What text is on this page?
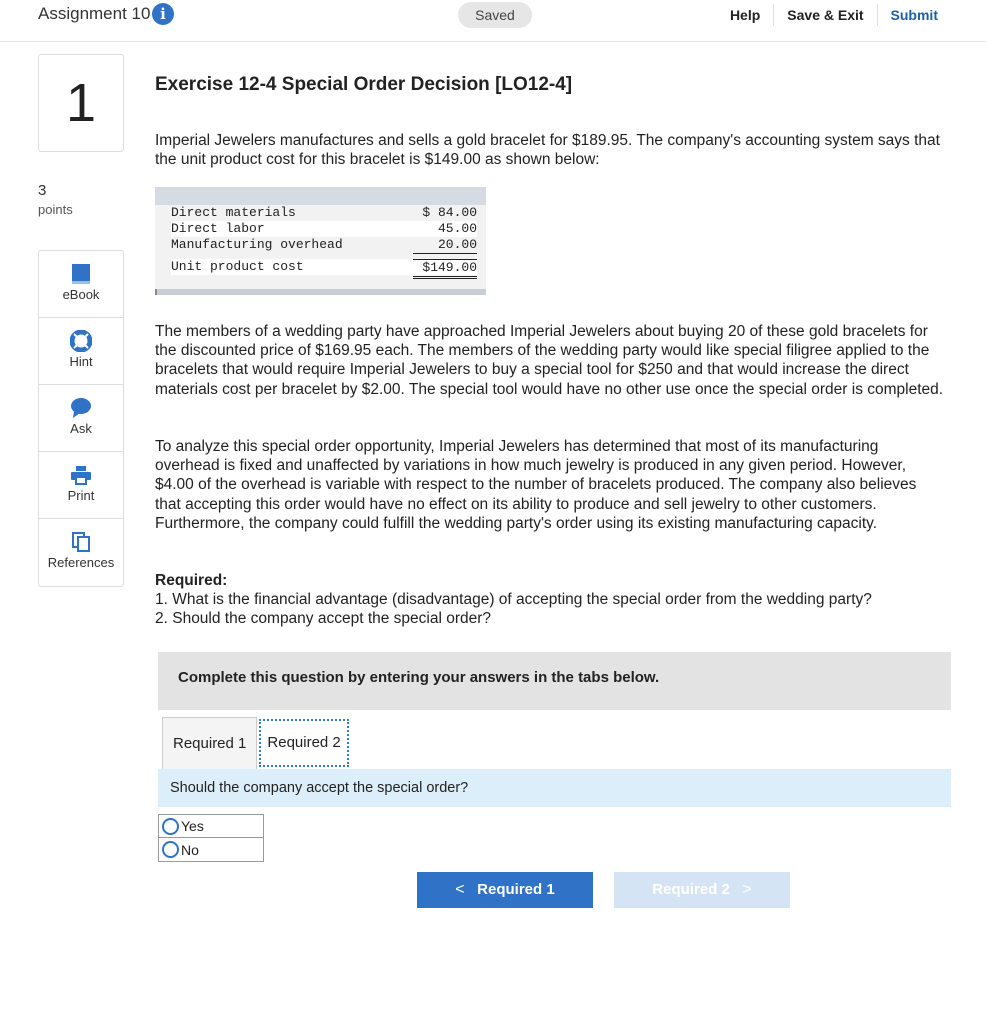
Assignment 10 i	Saved	Help	Save & Exit	Submit
1
3
points
eBook
Hint
Ask
Print
References
Exercise 12-4 Special Order Decision [LO12-4]
Imperial Jewelers manufactures and sells a gold bracelet for $189.95. The company's accounting system says that the unit product cost for this bracelet is $149.00 as shown below:
Direct materials	$ 84.00
Direct labor	45.00
Manufacturing overhead	20.00
Unit product cost	$149.00
The members of a wedding party have approached Imperial Jewelers about buying 20 of these gold bracelets for the discounted price of $169.95 each. The members of the wedding party would like special filigree applied to the bracelets that would require Imperial Jewelers to buy a special tool for $250 and that would increase the direct materials cost per bracelet by $2.00. The special tool would have no other use once the special order is completed.
To analyze this special order opportunity, Imperial Jewelers has determined that most of its manufacturing overhead is fixed and unaffected by variations in how much jewelry is produced in any given period. However, $4.00 of the overhead is variable with respect to the number of bracelets produced. The company also believes that accepting this order would have no effect on its ability to produce and sell jewelry to other customers. Furthermore, the company could fulfill the wedding party's order using its existing manufacturing capacity.
Required:
1. What is the financial advantage (disadvantage) of accepting the special order from the wedding party?
2. Should the company accept the special order?
Complete this question by entering your answers in the tabs below.
Required 1	Required 2
Should the company accept the special order?
Yes
No
< Required 1	Required 2 >
